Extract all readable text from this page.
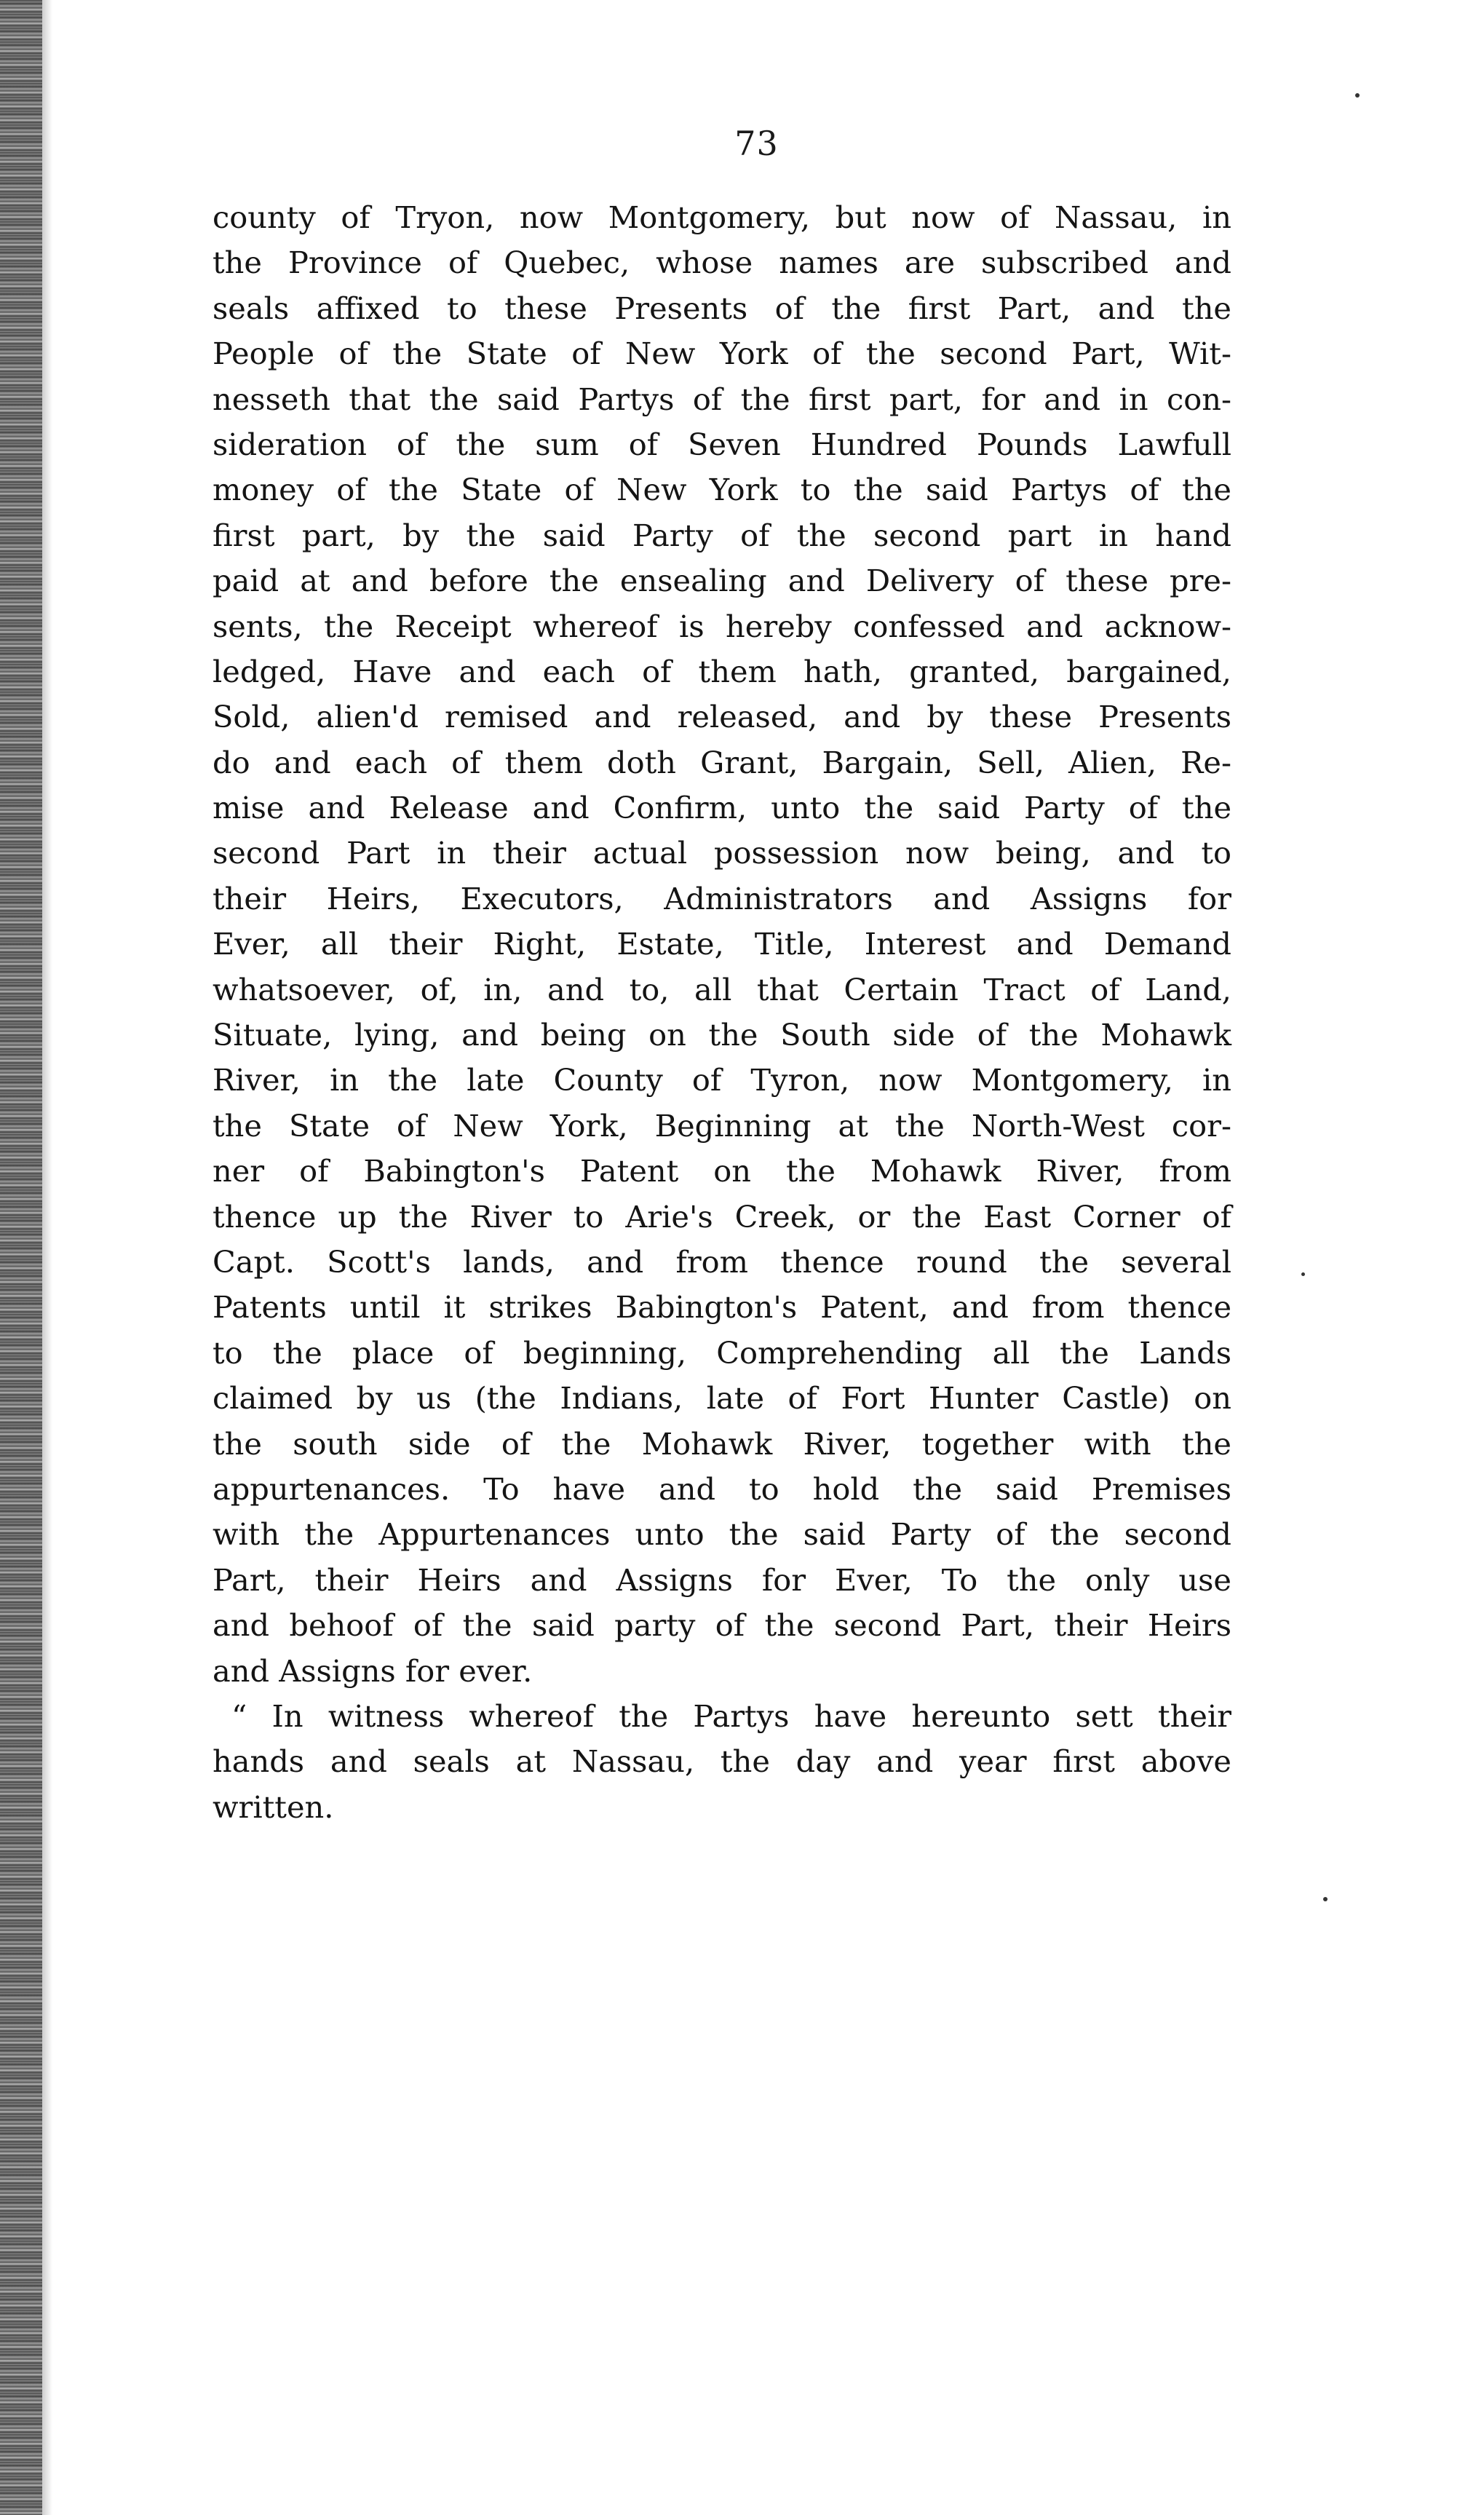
73
county of Tryon, now Montgomery, but now of Nassau, in
the Province of Quebec, whose names are subscribed and
seals affixed to these Presents of the first Part, and the
People of the State of New York of the second Part, Wit-
nesseth that the said Partys of the first part, for and in con-
sideration of the sum of Seven Hundred Pounds Lawfull
money of the State of New York to the said Partys of the
first part, by the said Party of the second part in hand
paid at and before the ensealing and Delivery of these pre-
sents, the Receipt whereof is hereby confessed and acknow-
ledged, Have and each of them hath, granted, bargained,
Sold, alien'd remised and released, and by these Presents
do and each of them doth Grant, Bargain, Sell, Alien, Re-
mise and Release and Confirm, unto the said Party of the
second Part in their actual possession now being, and to
their Heirs, Executors, Administrators and Assigns for
Ever, all their Right, Estate, Title, Interest and Demand
whatsoever, of, in, and to, all that Certain Tract of Land,
Situate, lying, and being on the South side of the Mohawk
River, in the late County of Tyron, now Montgomery, in
the State of New York, Beginning at the North-West cor-
ner of Babington's Patent on the Mohawk River, from
thence up the River to Arie's Creek, or the East Corner of
Capt. Scott's lands, and from thence round the several
Patents until it strikes Babington's Patent, and from thence
to the place of beginning, Comprehending all the Lands
claimed by us (the Indians, late of Fort Hunter Castle) on
the south side of the Mohawk River, together with the
appurtenances. To have and to hold the said Premises
with the Appurtenances unto the said Party of the second
Part, their Heirs and Assigns for Ever, To the only use
and behoof of the said party of the second Part, their Heirs
and Assigns for ever.
“ In witness whereof the Partys have hereunto sett their
hands and seals at Nassau, the day and year first above
written.
